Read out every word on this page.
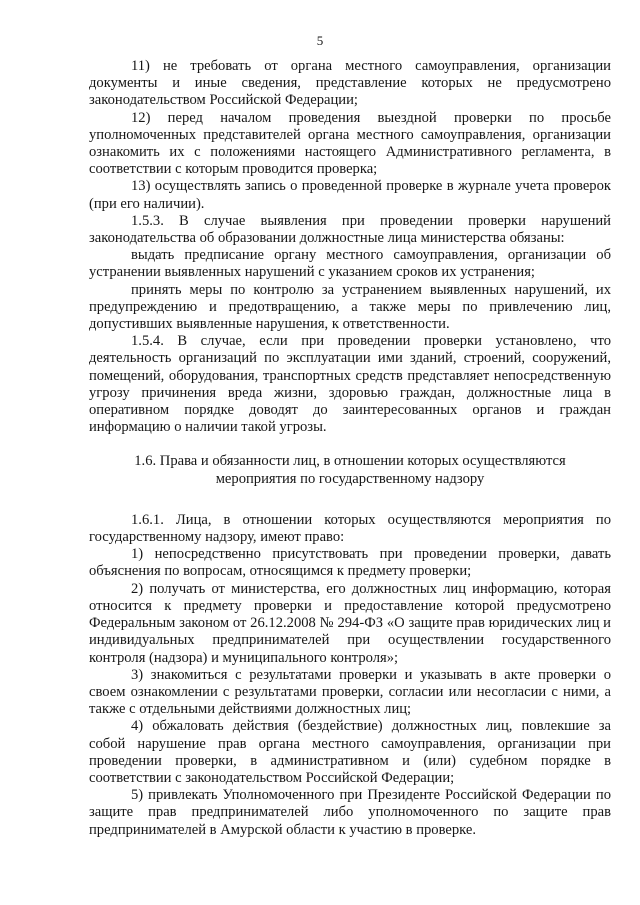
5

11) не требовать от органа местного самоуправления, организации документы и иные сведения, представление которых не предусмотрено законодательством Российской Федерации;

12) перед началом проведения выездной проверки по просьбе уполномоченных представителей органа местного самоуправления, организации ознакомить их с положениями настоящего Административного регламента, в соответствии с которым проводится проверка;

13) осуществлять запись о проведенной проверке в журнале учета проверок (при его наличии).

1.5.3. В случае выявления при проведении проверки нарушений законодательства об образовании должностные лица министерства обязаны:

выдать предписание органу местного самоуправления, организации об устранении выявленных нарушений с указанием сроков их устранения;

принять меры по контролю за устранением выявленных нарушений, их предупреждению и предотвращению, а также меры по привлечению лиц, допустивших выявленные нарушения, к ответственности.

1.5.4. В случае, если при проведении проверки установлено, что деятельность организаций по эксплуатации ими зданий, строений, сооружений, помещений, оборудования, транспортных средств представляет непосредственную угрозу причинения вреда жизни, здоровью граждан, должностные лица в оперативном порядке доводят до заинтересованных органов и граждан информацию о наличии такой угрозы.

1.6. Права и обязанности лиц, в отношении которых осуществляются мероприятия по государственному надзору

1.6.1. Лица, в отношении которых осуществляются мероприятия по государственному надзору, имеют право:

1) непосредственно присутствовать при проведении проверки, давать объяснения по вопросам, относящимся к предмету проверки;

2) получать от министерства, его должностных лиц информацию, которая относится к предмету проверки и предоставление которой предусмотрено Федеральным законом от 26.12.2008 № 294-ФЗ «О защите прав юридических лиц и индивидуальных предпринимателей при осуществлении государственного контроля (надзора) и муниципального контроля»;

3) знакомиться с результатами проверки и указывать в акте проверки о своем ознакомлении с результатами проверки, согласии или несогласии с ними, а также с отдельными действиями должностных лиц;

4) обжаловать действия (бездействие) должностных лиц, повлекшие за собой нарушение прав органа местного самоуправления, организации при проведении проверки, в административном и (или) судебном порядке в соответствии с законодательством Российской Федерации;

5) привлекать Уполномоченного при Президенте Российской Федерации по защите прав предпринимателей либо уполномоченного по защите прав предпринимателей в Амурской области к участию в проверке.
